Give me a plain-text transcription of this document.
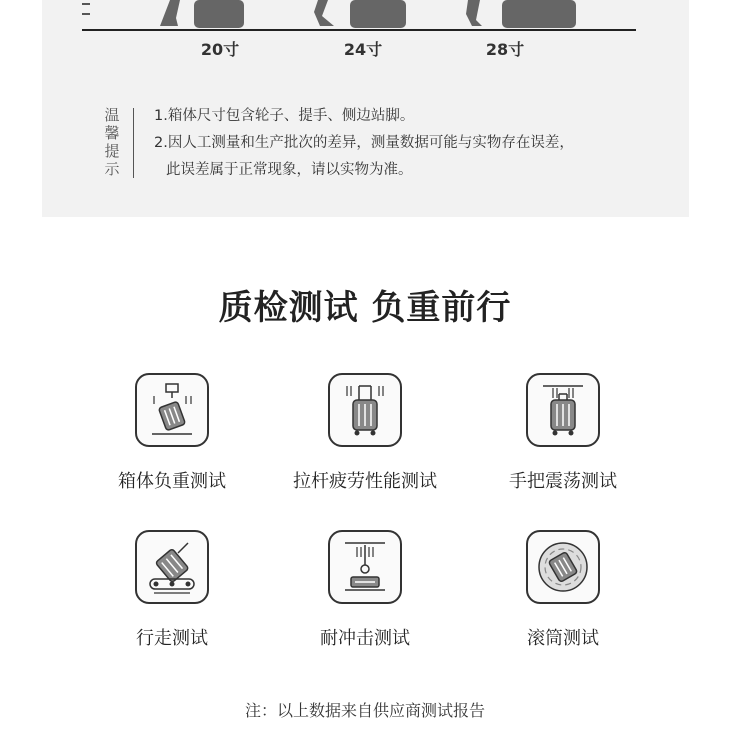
20寸	24寸	28寸
温馨提示
1.箱体尺寸包含轮子、提手、侧边站脚。
2.因人工测量和生产批次的差异，测量数据可能与实物存在误差，
此误差属于正常现象，请以实物为准。
质检测试 负重前行
箱体负重测试	拉杆疲劳性能测试	手把震荡测试
行走测试	耐冲击测试	滚筒测试
注：以上数据来自供应商测试报告
